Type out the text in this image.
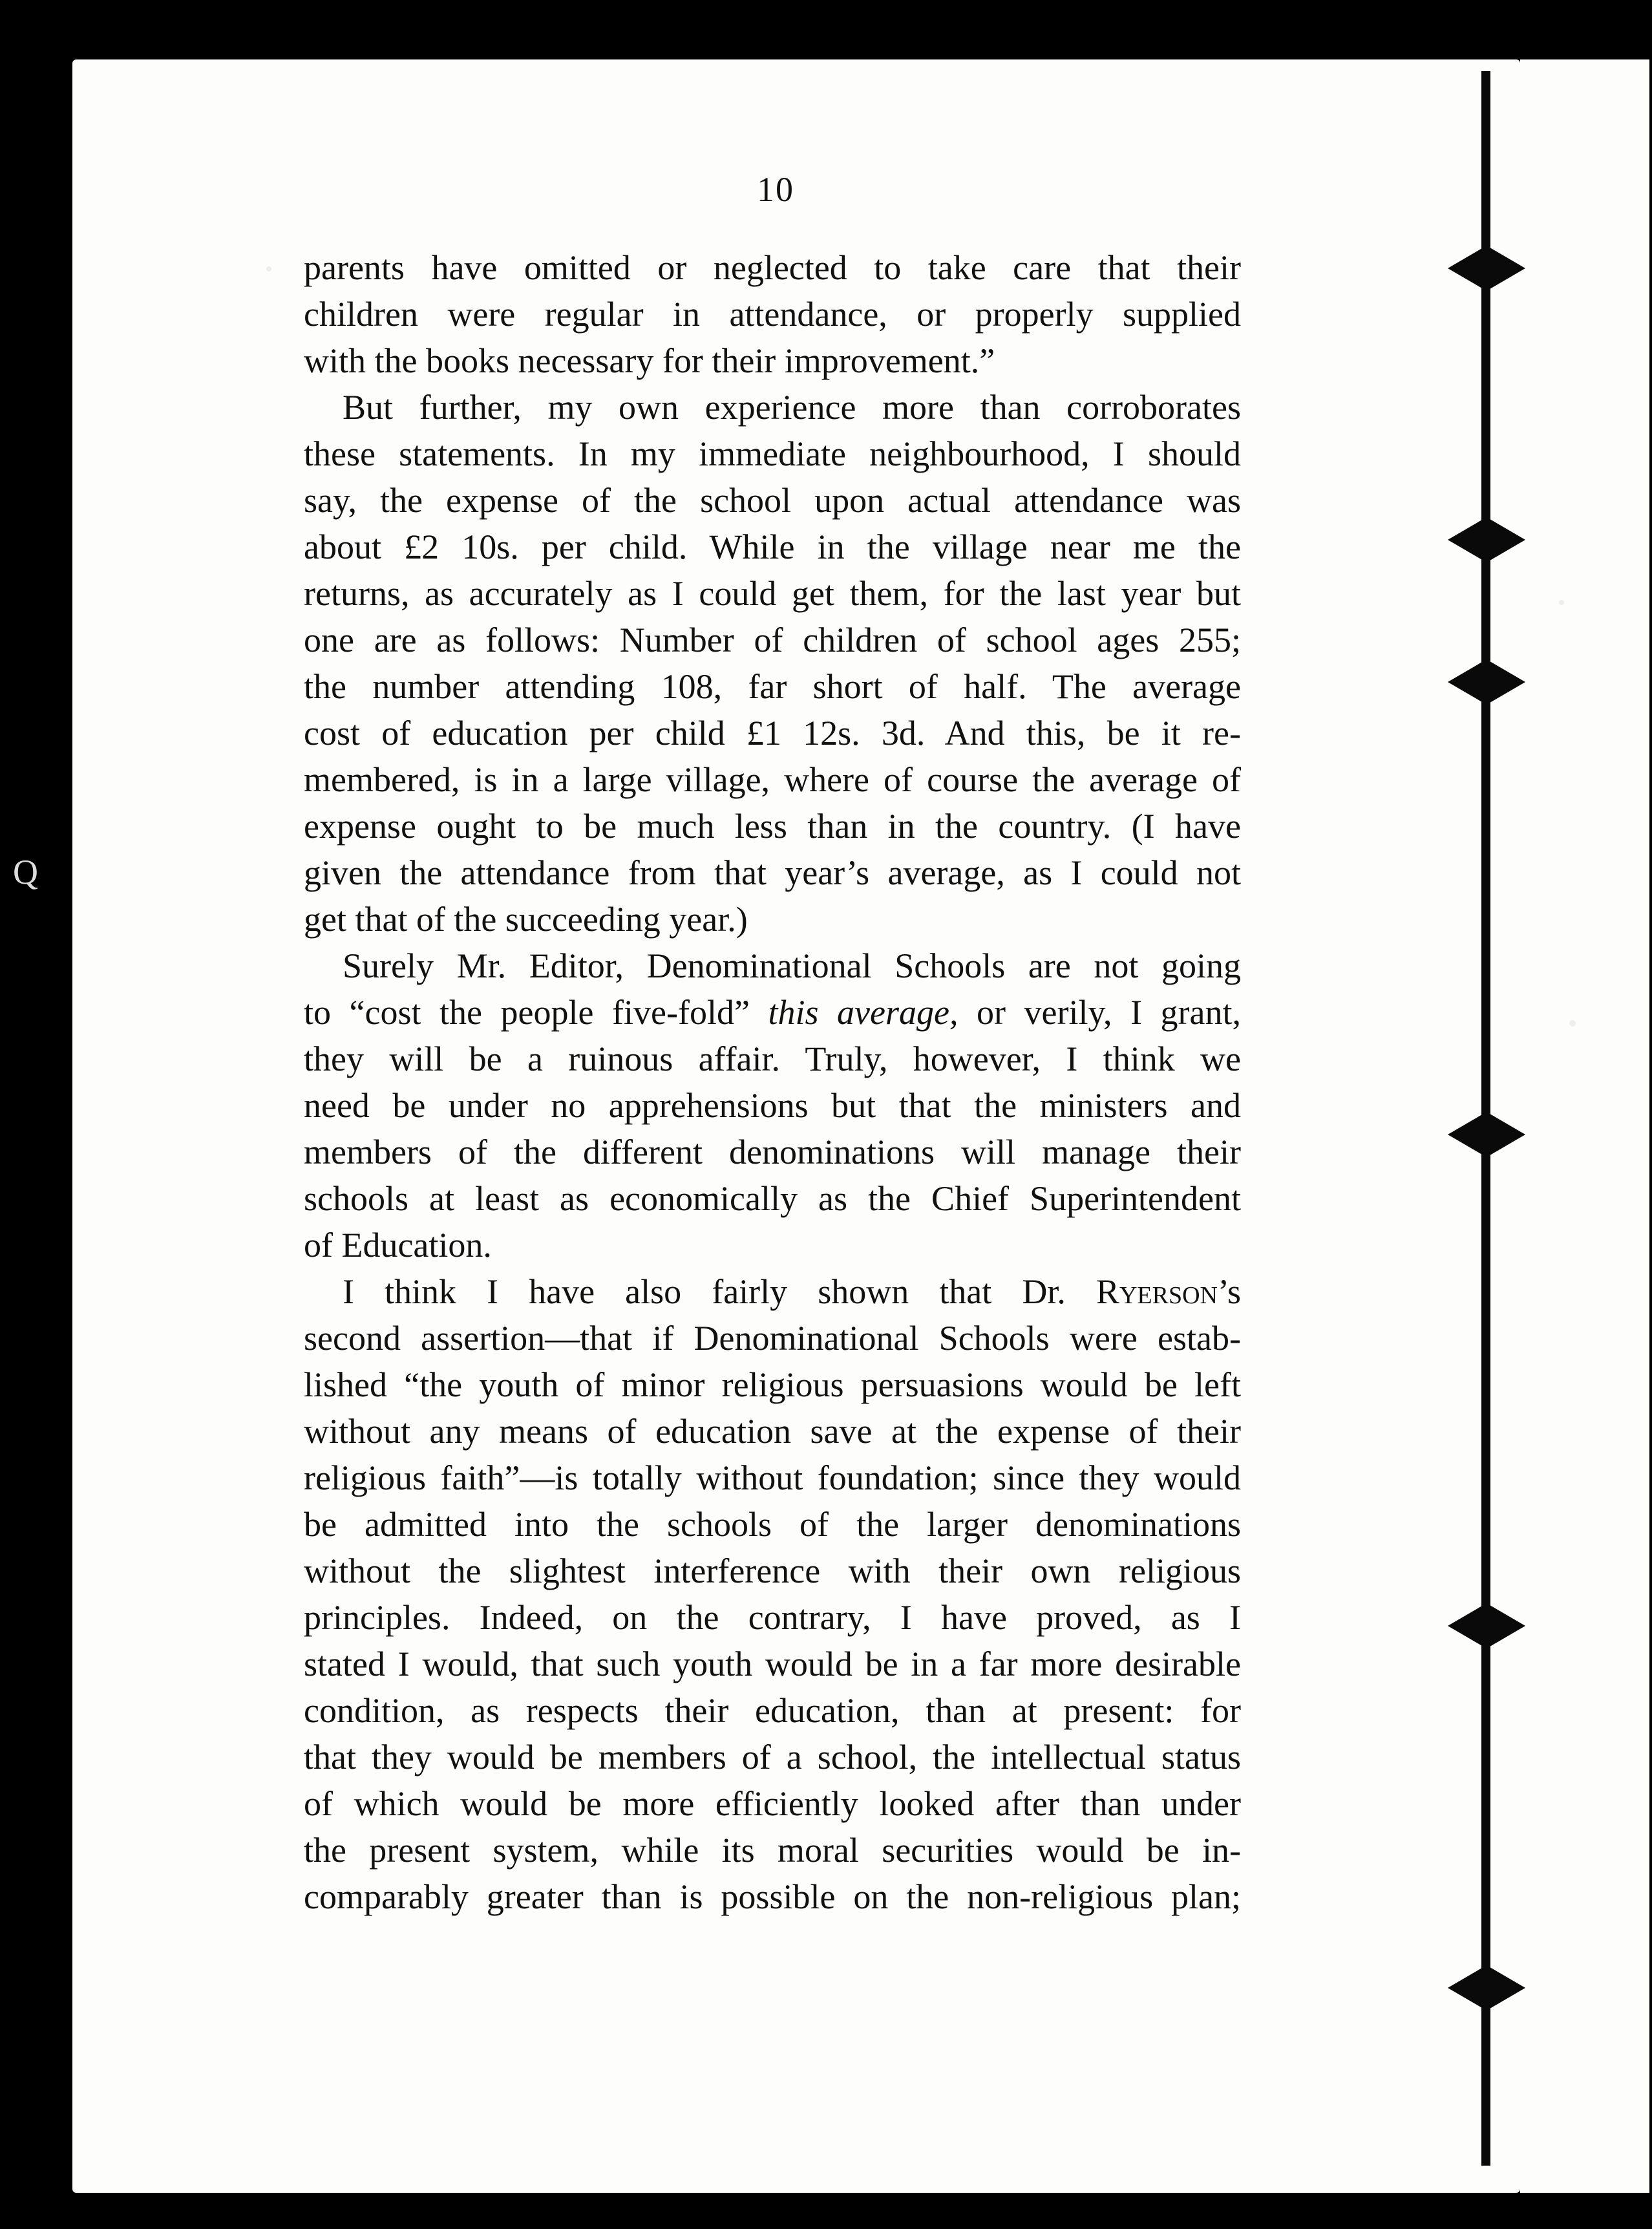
Q
10
parents have omitted or neglected to take care that their
children were regular in attendance, or properly supplied
with the books necessary for their improvement.”
But further, my own experience more than corroborates
these statements. In my immediate neighbourhood, I should
say, the expense of the school upon actual attendance was
about £2 10s. per child. While in the village near me the
returns, as accurately as I could get them, for the last year but
one are as follows: Number of children of school ages 255;
the number attending 108, far short of half. The average
cost of education per child £1 12s. 3d. And this, be it re-
membered, is in a large village, where of course the average of
expense ought to be much less than in the country. (I have
given the attendance from that year’s average, as I could not
get that of the succeeding year.)
Surely Mr. Editor, Denominational Schools are not going
to “cost the people five-fold” this average, or verily, I grant,
they will be a ruinous affair. Truly, however, I think we
need be under no apprehensions but that the ministers and
members of the different denominations will manage their
schools at least as economically as the Chief Superintendent
of Education.
I think I have also fairly shown that Dr. Ryerson’s
second assertion—that if Denominational Schools were estab-
lished “the youth of minor religious persuasions would be left
without any means of education save at the expense of their
religious faith”—is totally without foundation; since they would
be admitted into the schools of the larger denominations
without the slightest interference with their own religious
principles. Indeed, on the contrary, I have proved, as I
stated I would, that such youth would be in a far more desirable
condition, as respects their education, than at present: for
that they would be members of a school, the intellectual status
of which would be more efficiently looked after than under
the present system, while its moral securities would be in-
comparably greater than is possible on the non-religious plan;
